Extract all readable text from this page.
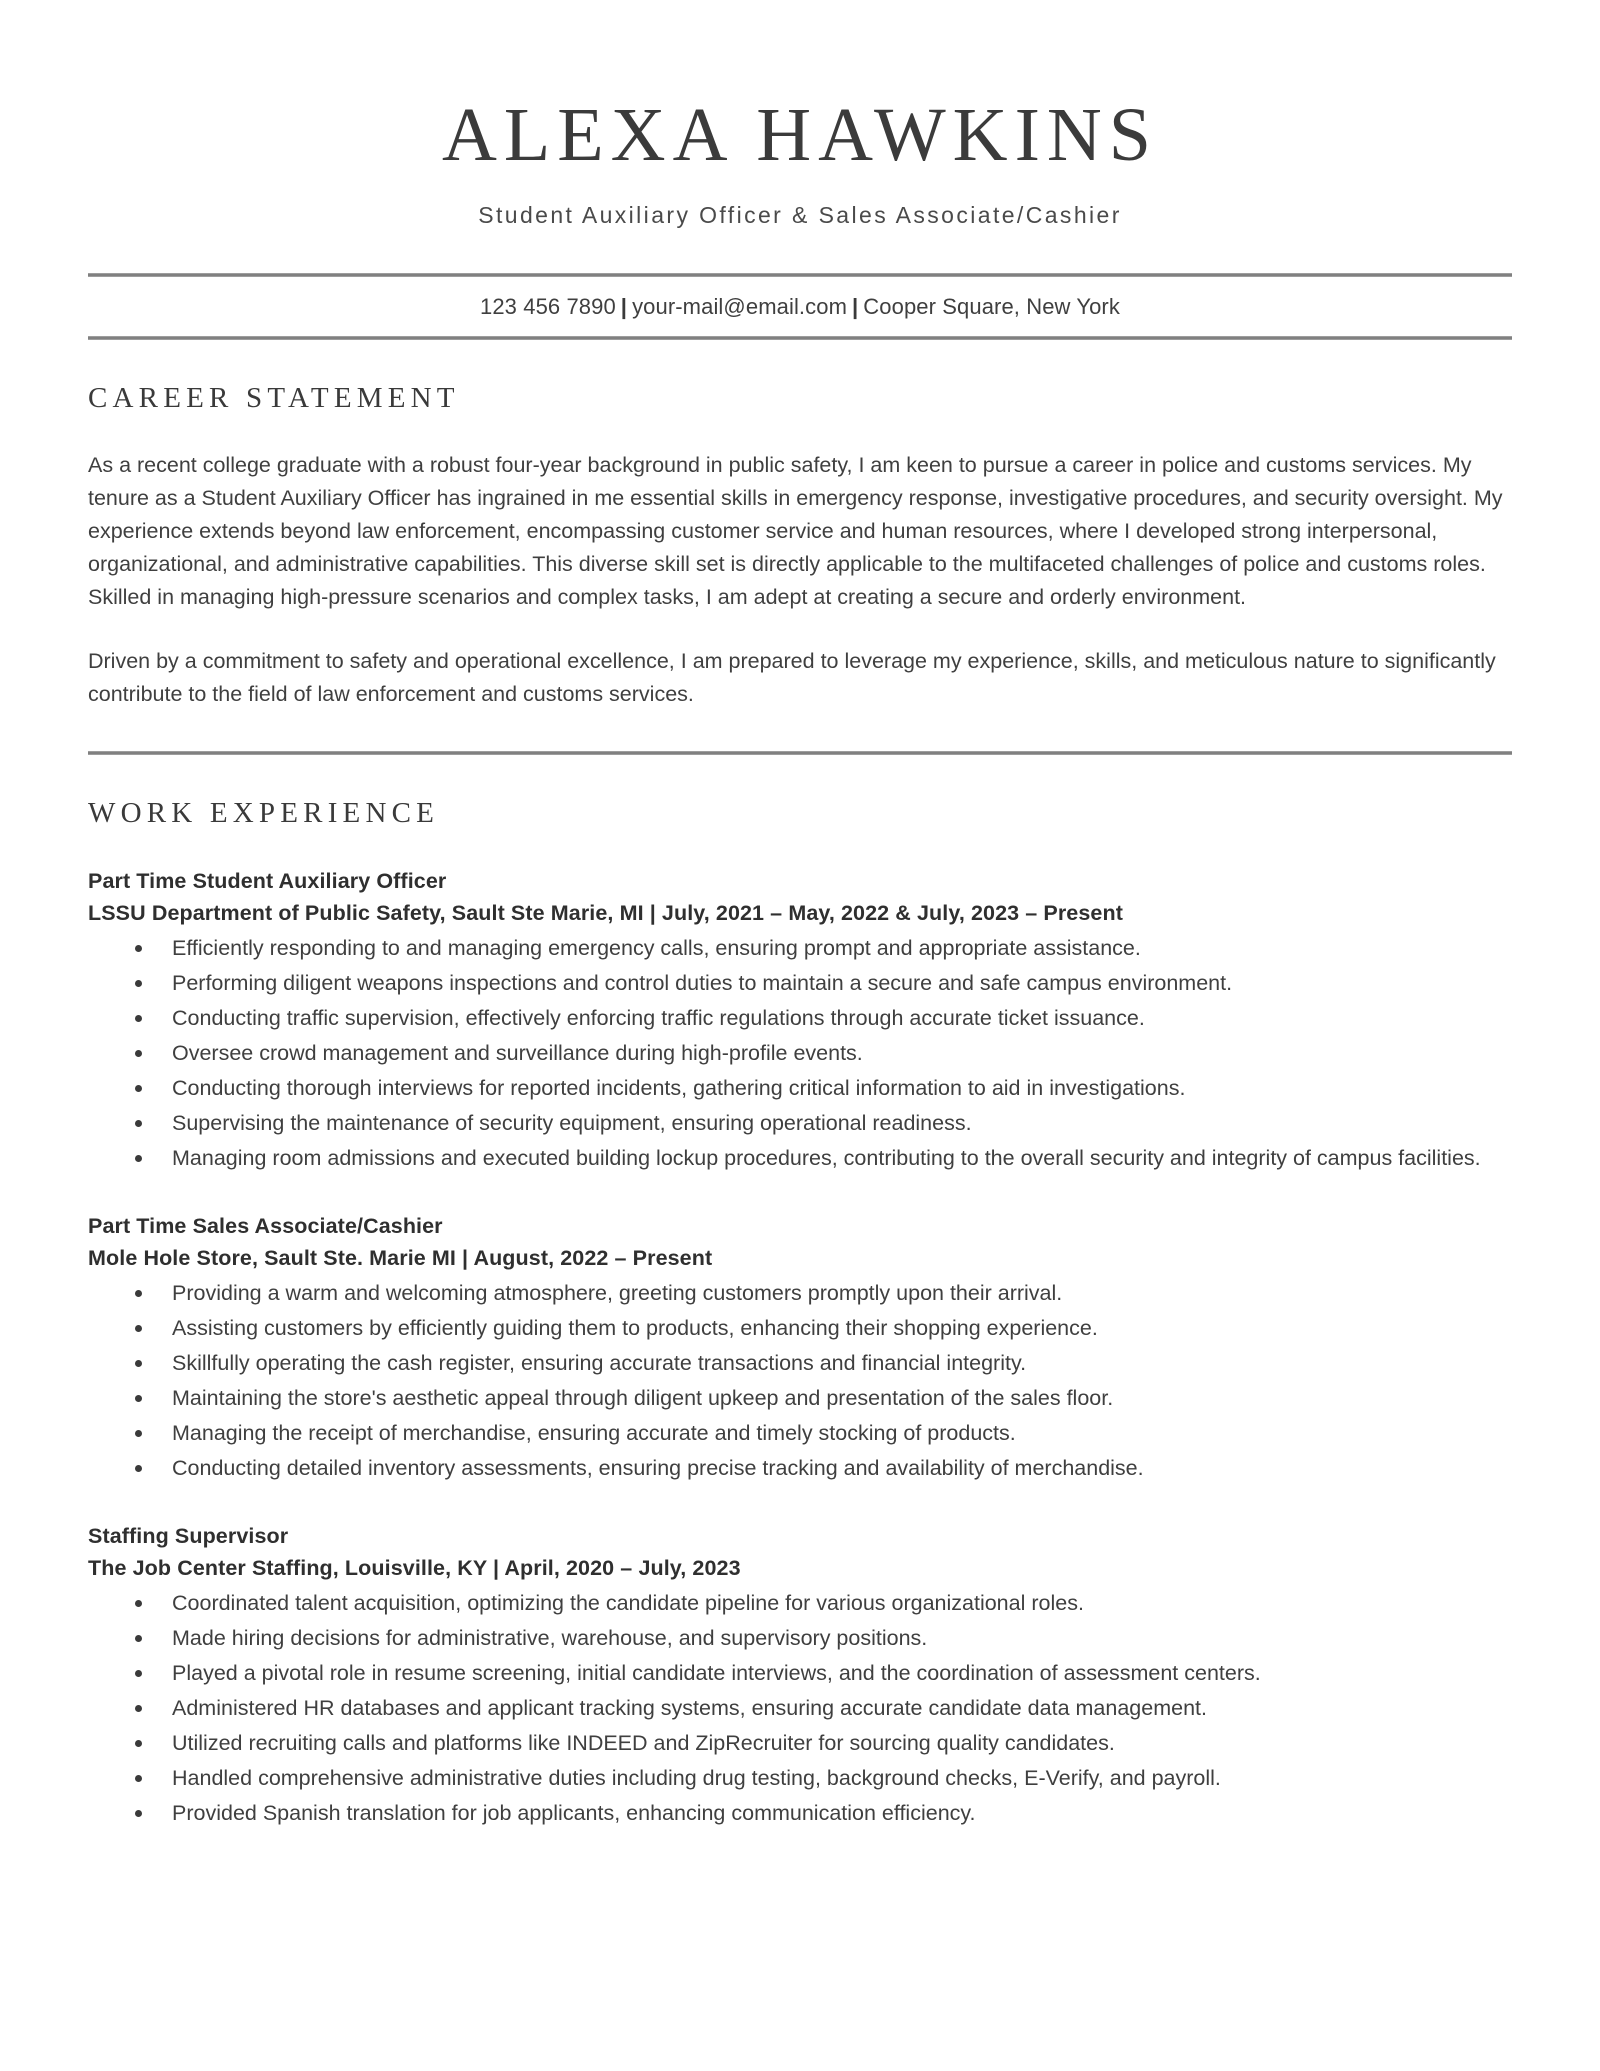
ALEXA HAWKINS
Student Auxiliary Officer & Sales Associate/Cashier
123 456 7890 | your-mail@email.com | Cooper Square, New York
CAREER STATEMENT

As a recent college graduate with a robust four-year background in public safety, I am keen to pursue a career in police and customs services. My tenure as a Student Auxiliary Officer has ingrained in me essential skills in emergency response, investigative procedures, and security oversight. My experience extends beyond law enforcement, encompassing customer service and human resources, where I developed strong interpersonal, organizational, and administrative capabilities. This diverse skill set is directly applicable to the multifaceted challenges of police and customs roles. Skilled in managing high-pressure scenarios and complex tasks, I am adept at creating a secure and orderly environment.

Driven by a commitment to safety and operational excellence, I am prepared to leverage my experience, skills, and meticulous nature to significantly contribute to the field of law enforcement and customs services.

WORK EXPERIENCE
Part Time Student Auxiliary Officer
LSSU Department of Public Safety, Sault Ste Marie, MI | July, 2021 – May, 2022 & July, 2023 – Present
Efficiently responding to and managing emergency calls, ensuring prompt and appropriate assistance.
Performing diligent weapons inspections and control duties to maintain a secure and safe campus environment.
Conducting traffic supervision, effectively enforcing traffic regulations through accurate ticket issuance.
Oversee crowd management and surveillance during high-profile events.
Conducting thorough interviews for reported incidents, gathering critical information to aid in investigations.
Supervising the maintenance of security equipment, ensuring operational readiness.
Managing room admissions and executed building lockup procedures, contributing to the overall security and integrity of campus facilities.
Part Time Sales Associate/Cashier
Mole Hole Store, Sault Ste. Marie MI | August, 2022 – Present
Providing a warm and welcoming atmosphere, greeting customers promptly upon their arrival.
Assisting customers by efficiently guiding them to products, enhancing their shopping experience.
Skillfully operating the cash register, ensuring accurate transactions and financial integrity.
Maintaining the store's aesthetic appeal through diligent upkeep and presentation of the sales floor.
Managing the receipt of merchandise, ensuring accurate and timely stocking of products.
Conducting detailed inventory assessments, ensuring precise tracking and availability of merchandise.
Staffing Supervisor
The Job Center Staffing, Louisville, KY | April, 2020 – July, 2023
Coordinated talent acquisition, optimizing the candidate pipeline for various organizational roles.
Made hiring decisions for administrative, warehouse, and supervisory positions.
Played a pivotal role in resume screening, initial candidate interviews, and the coordination of assessment centers.
Administered HR databases and applicant tracking systems, ensuring accurate candidate data management.
Utilized recruiting calls and platforms like INDEED and ZipRecruiter for sourcing quality candidates.
Handled comprehensive administrative duties including drug testing, background checks, E-Verify, and payroll.
Provided Spanish translation for job applicants, enhancing communication efficiency.
